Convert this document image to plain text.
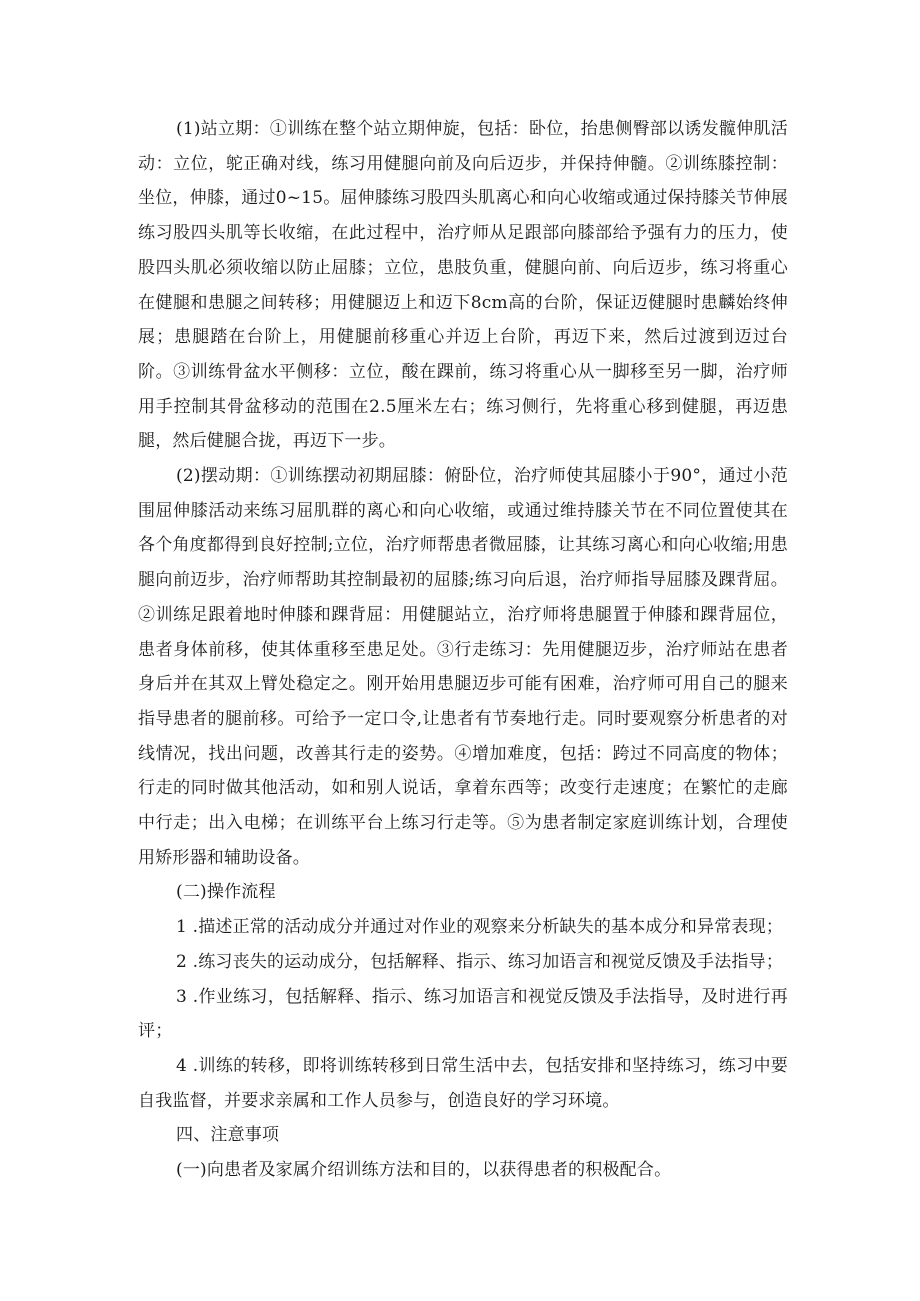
(1)站立期：①训练在整个站立期伸旋，包括：卧位，抬患侧臀部以诱发髋伸肌活动：立位，鸵正确对线，练习用健腿向前及向后迈步，并保持伸髓。②训练膝控制：坐位，伸膝，通过0~15。屈伸膝练习股四头肌离心和向心收缩或通过保持膝关节伸展练习股四头肌等长收缩，在此过程中，治疗师从足跟部向膝部给予强有力的压力，使股四头肌必须收缩以防止屈膝；立位，患肢负重，健腿向前、向后迈步，练习将重心在健腿和患腿之间转移；用健腿迈上和迈下8cm高的台阶，保证迈健腿时患麟始终伸展；患腿踏在台阶上，用健腿前移重心并迈上台阶，再迈下来，然后过渡到迈过台阶。③训练骨盆水平侧移：立位，酸在踝前，练习将重心从一脚移至另一脚，治疗师用手控制其骨盆移动的范围在2.5厘米左右；练习侧行，先将重心移到健腿，再迈患腿，然后健腿合拢，再迈下一步。

(2)摆动期：①训练摆动初期屈膝：俯卧位，治疗师使其屈膝小于90°，通过小范围屈伸膝活动来练习屈肌群的离心和向心收缩，或通过维持膝关节在不同位置使其在各个角度都得到良好控制;立位，治疗师帮患者微屈膝，让其练习离心和向心收缩;用患腿向前迈步，治疗师帮助其控制最初的屈膝;练习向后退，治疗师指导屈膝及踝背屈。②训练足跟着地时伸膝和踝背屈：用健腿站立，治疗师将患腿置于伸膝和踝背屈位，患者身体前移，使其体重移至患足处。③行走练习：先用健腿迈步，治疗师站在患者身后并在其双上臂处稳定之。刚开始用患腿迈步可能有困难，治疗师可用自己的腿来指导患者的腿前移。可给予一定口令,让患者有节奏地行走。同时要观察分析患者的对线情况，找出问题，改善其行走的姿势。④增加难度，包括：跨过不同高度的物体；行走的同时做其他活动，如和别人说话，拿着东西等；改变行走速度；在繁忙的走廊中行走；出入电梯；在训练平台上练习行走等。⑤为患者制定家庭训练计划，合理使用矫形器和辅助设备。

(二)操作流程

1 .描述正常的活动成分并通过对作业的观察来分析缺失的基本成分和异常表现；

2 .练习丧失的运动成分，包括解释、指示、练习加语言和视觉反馈及手法指导；

3 .作业练习，包括解释、指示、练习加语言和视觉反馈及手法指导，及时进行再评；

4 .训练的转移，即将训练转移到日常生活中去，包括安排和坚持练习，练习中要自我监督，并要求亲属和工作人员参与，创造良好的学习环境。

四、注意事项

(一)向患者及家属介绍训练方法和目的，以获得患者的积极配合。
